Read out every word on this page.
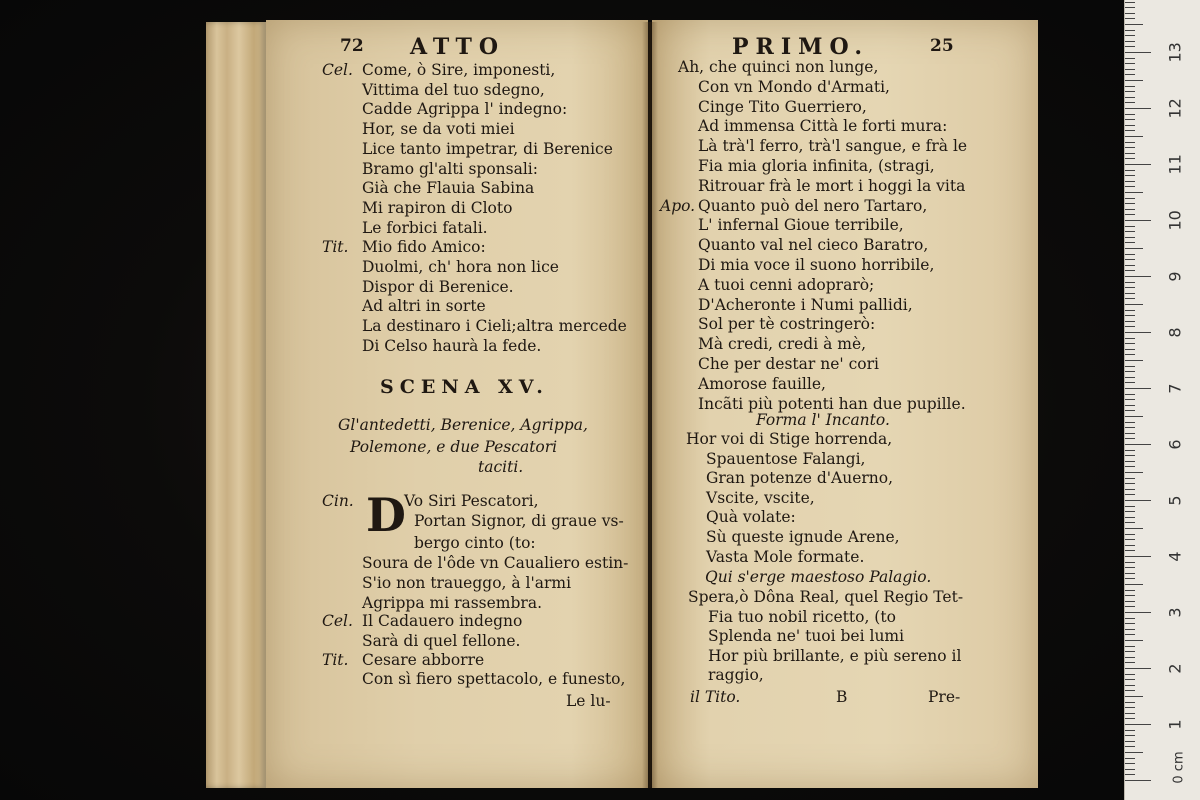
72 ATTO
Cel. Come, ò Sire, imponesti,
Vittima del tuo sdegno,
Cadde Agrippa l' indegno:
Hor, se da voti miei
Lice tanto impetrar, di Berenice
Bramo gl'alti sponsali:
Già che Flauia Sabina
Mi rapiron di Cloto
Le forbici fatali.
Tit. Mio fido Amico:
Duolmi, ch' hora non lice
Dispor di Berenice.
Ad altri in sorte
La destinaro i Cieli;altra mercede
Di Celso haurà la fede.
SCENA XV.
Gl'antedetti, Berenice, Agrippa,
Polemone, e due Pescatori
taciti.
D
Cin.	Vo Siri Pescatori,
Portan Signor, di graue vs-
bergo cinto (to:
Soura de l'ôde vn Caualiero estin-
S'io non traueggo, à l'armi
Agrippa mi rassembra.
Cel. Il Cadauero indegno
Sarà di quel fellone.
Tit. Cesare abborre
Con sì fiero spettacolo, e funesto,
Le lu-
PRIMO.	25
Ah, che quinci non lunge,
Con vn Mondo d'Armati,
Cinge Tito Guerriero,
Ad immensa Città le forti mura:
Là trà'l ferro, trà'l sangue, e frà le
Fia mia gloria infinita, (stragi,
Ritrouar frà le mort i hoggi la vita
Apo. Quanto può del nero Tartaro,
L' infernal Gioue terribile,
Quanto val nel cieco Baratro,
Di mia voce il suono horribile,
A tuoi cenni adoprarò;
D'Acheronte i Numi pallidi,
Sol per tè costringerò:
Mà credi, credi à mè,
Che per destar ne' cori
Amorose fauille,
Incãti più potenti han due pupille.
Forma l' Incanto.
Hor voi di Stige horrenda,
Spauentose Falangi,
Gran potenze d'Auerno,
Vscite, vscite,
Quà volate:
Sù queste ignude Arene,
Vasta Mole formate.
Qui s'erge maestoso Palagio.
Spera,ò Dôna Real, quel Regio Tet-
Fia tuo nobil ricetto, (to
Splenda ne' tuoi bei lumi
Hor più brillante, e più sereno il
raggio,
il Tito.	B	Pre-
1
2
3
4
5
6
7
8
9
10
11
12
13
0 cm
